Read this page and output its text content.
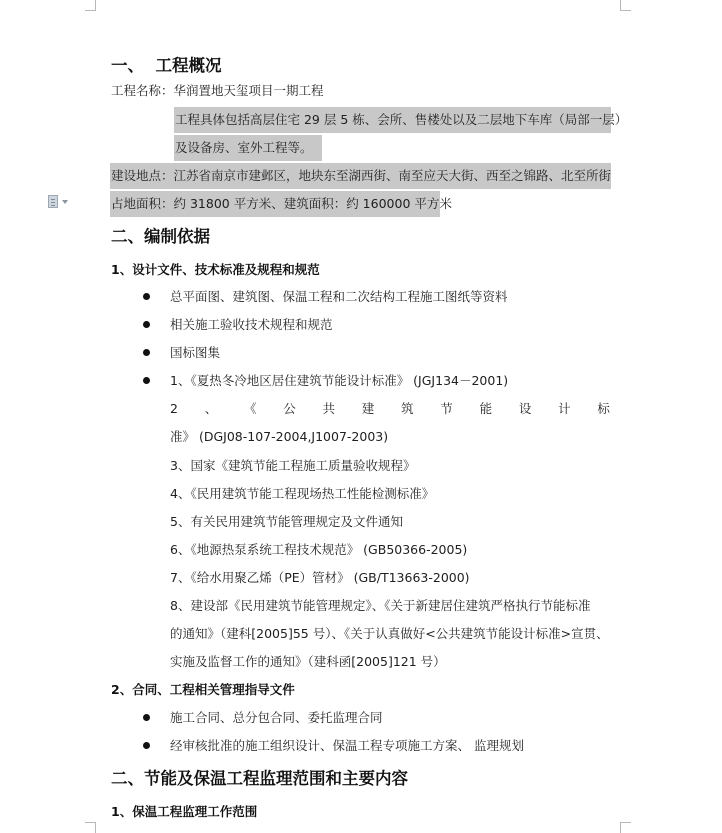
一、  工程概况
工程名称：华润置地天玺项目一期工程
工程具体包括高层住宅 29 层 5 栋、会所、售楼处以及二层地下车库（局部一层）
及设备房、室外工程等。
建设地点：江苏省南京市建邺区，地块东至湖西街、南至应天大街、西至之锦路、北至所街
占地面积：约 31800 平方米、建筑面积：约 160000 平方米
二、编制依据
1、设计文件、技术标准及规程和规范
总平面图、建筑图、保温工程和二次结构工程施工图纸等资料
相关施工验收技术规程和规范
国标图集
1、《夏热冬冷地区居住建筑节能设计标准》 (JGJ134－2001)
2 、 《 公 共 建 筑 节 能 设 计 标
准》 (DGJ08-107-2004,J1007-2003)
3、国家《建筑节能工程施工质量验收规程》
4、《民用建筑节能工程现场热工性能检测标准》
5、有关民用建筑节能管理规定及文件通知
6、《地源热泵系统工程技术规范》 (GB50366-2005)
7、《给水用聚乙烯（PE）管材》 (GB/T13663-2000)
8、建设部《民用建筑节能管理规定》、《关于新建居住建筑严格执行节能标准
的通知》（建科[2005]55 号）、《关于认真做好<公共建筑节能设计标准>宣贯、
实施及监督工作的通知》（建科函[2005]121 号）
2、合同、工程相关管理指导文件
施工合同、总分包合同、委托监理合同
经审核批准的施工组织设计、保温工程专项施工方案、 监理规划
二、节能及保温工程监理范围和主要内容
1、保温工程监理工作范围
